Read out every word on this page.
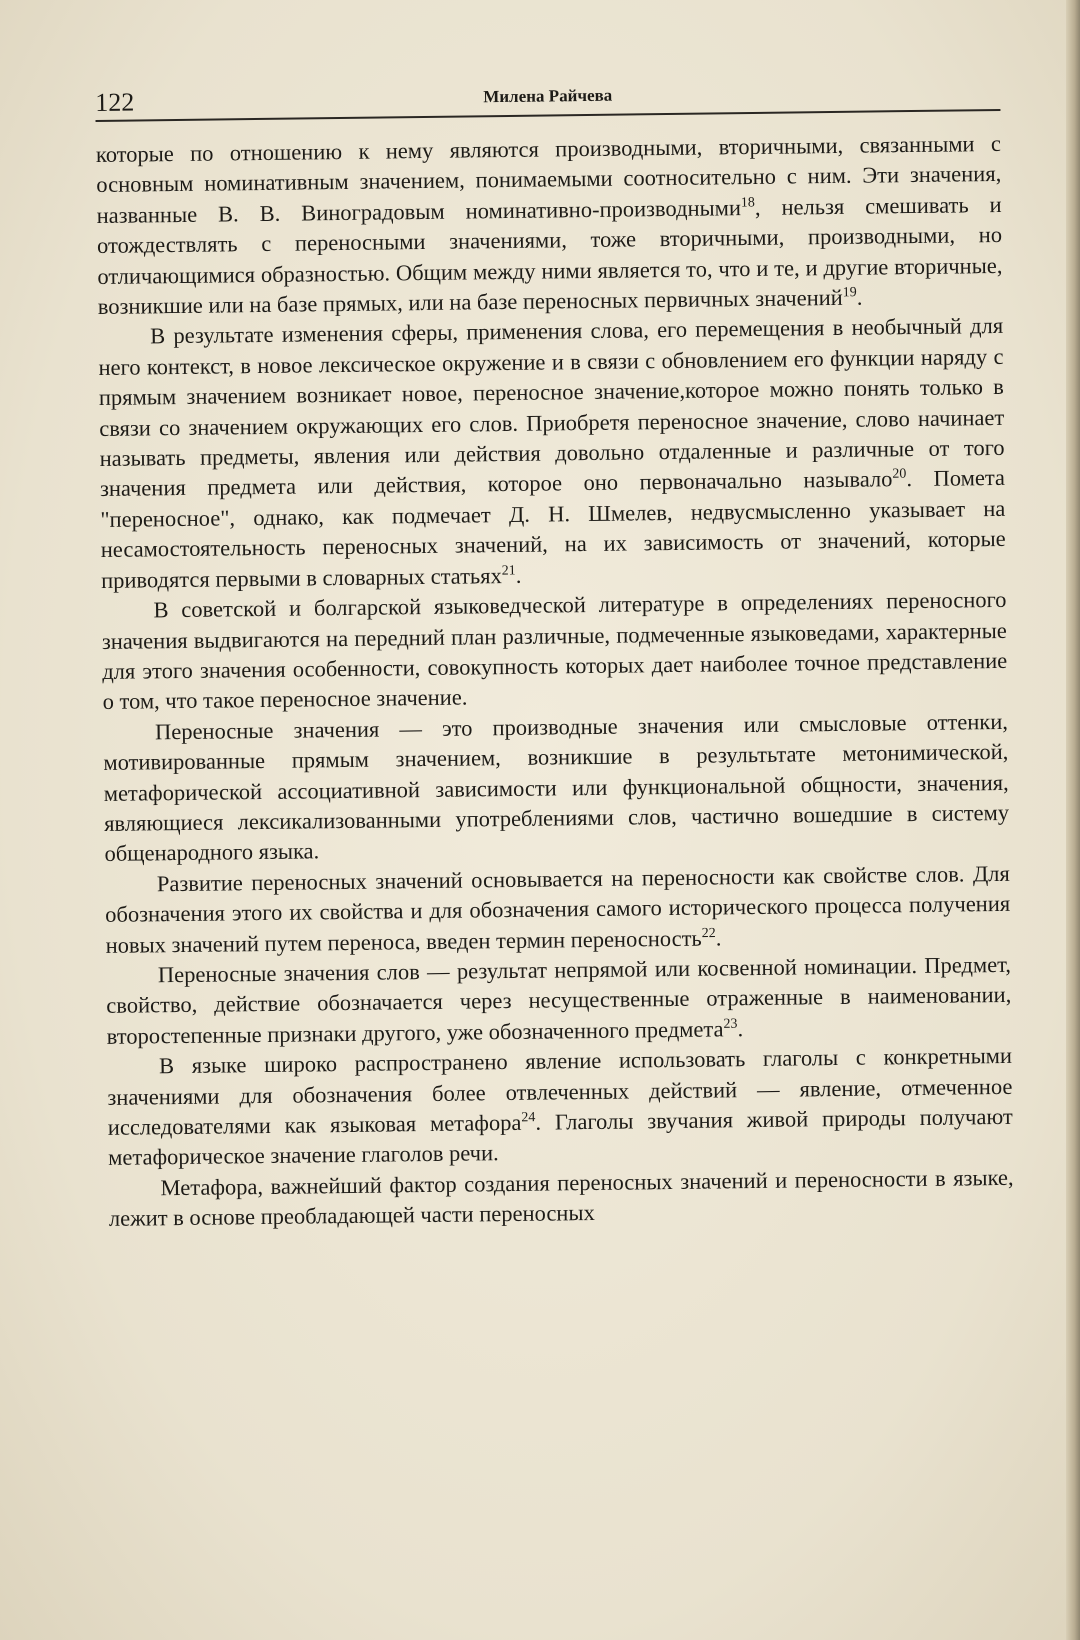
122	Милена Райчева

которые по отношению к нему являются производными, вторичными, связанными с основным номинативным значением, понимаемыми соотносительно с ним. Эти значения, названные В. В. Виноградовым номинативно-производными$^{18}$, нельзя смешивать и отождествлять с переносными значениями, тоже вторичными, производными, но отличающимися образностью. Общим между ними является то, что и те, и другие вторичные, возникшие или на базе прямых, или на базе переносных первичных значений$^{19}$.

В результате изменения сферы, применения слова, его перемещения в необычный для него контекст, в новое лексическое окружение и в связи с обновлением его функции наряду с прямым значением возникает новое, переносное значение,которое можно понять только в связи со значением окружающих его слов. Приобретя переносное значение, слово начинает называть предметы, явления или действия довольно отдаленные и различные от того значения предмета или действия, которое оно первоначально называло$^{20}$. Помета "переносное", однако, как подмечает Д. Н. Шмелев, недвусмысленно указывает на несамостоятельность переносных значений, на их зависимость от значений, которые приводятся первыми в словарных статьях$^{21}$.

В советской и болгарской языковедческой литературе в определениях переносного значения выдвигаются на передний план различные, подмеченные языковедами, характерные для этого значения особенности, совокупность которых дает наиболее точное представление о том, что такое переносное значение.

Переносные значения — это производные значения или смысловые оттенки, мотивированные прямым значением, возникшие в результьтате метонимической, метафорической ассоциативной зависимости или функциональной общности, значения, являющиеся лексикализованными употреблениями слов, частично вошедшие в систему общенародного языка.

Развитие переносных значений основывается на переносности как свойстве слов. Для обозначения этого их свойства и для обозначения самого исторического процесса получения новых значений путем переноса, введен термин переносность$^{22}$.

Переносные значения слов — результат непрямой или косвенной номинации. Предмет, свойство, действие обозначается через несущественные отраженные в наименовании, второстепенные признаки другого, уже обозначенного предмета$^{23}$.

В языке широко распространено явление использовать глаголы с конкретными значениями для обозначения более отвлеченных действий — явление, отмеченное исследователями как языковая метафора$^{24}$. Глаголы звучания живой природы получают метафорическое значение глаголов речи.

Метафора, важнейший фактор создания переносных значений и переносности в языке, лежит в основе преобладающей части переносных
